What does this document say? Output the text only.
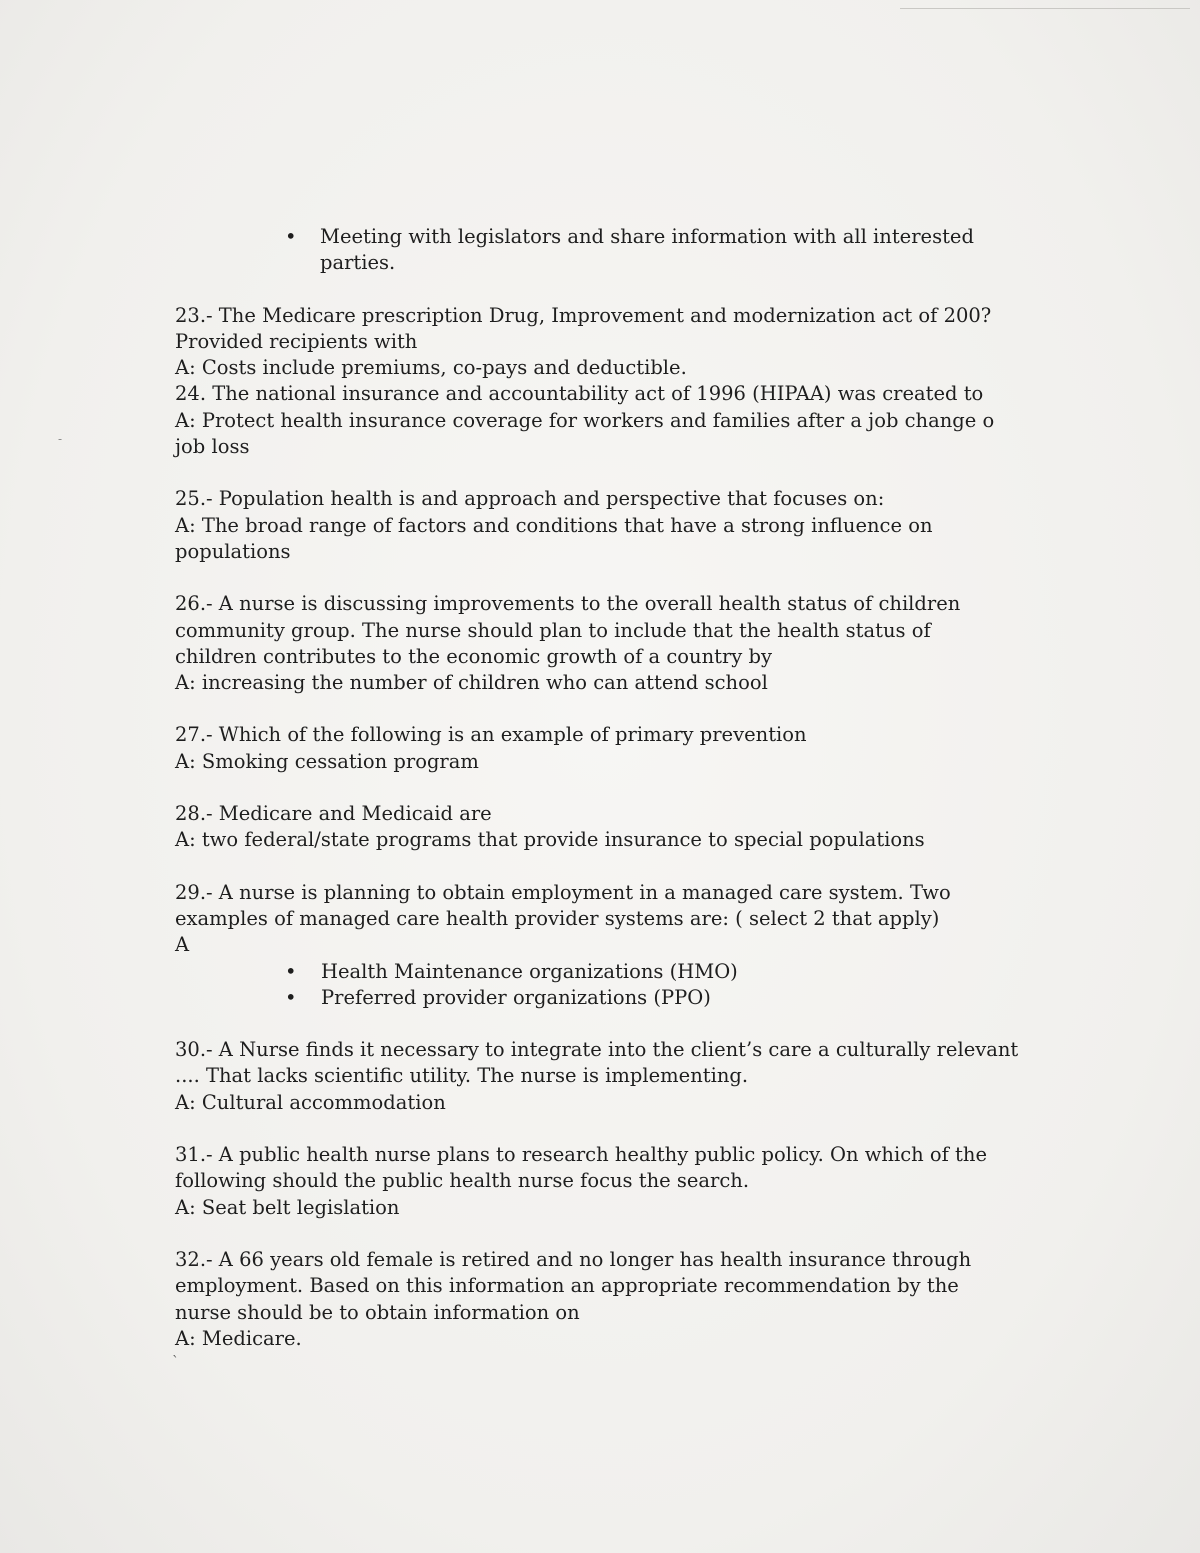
-
• Meeting with legislators and share information with all interested
parties.
23.- The Medicare prescription Drug, Improvement and modernization act of 200?
Provided recipients with
A: Costs include premiums, co-pays and deductible.
24. The national insurance and accountability act of 1996 (HIPAA) was created to
A: Protect health insurance coverage for workers and families after a job change o
job loss
25.- Population health is and approach and perspective that focuses on:
A: The broad range of factors and conditions that have a strong influence on
populations
26.- A nurse is discussing improvements to the overall health status of children
community group. The nurse should plan to include that the health status of
children contributes to the economic growth of a country by
A: increasing the number of children who can attend school
27.- Which of the following is an example of primary prevention
A: Smoking cessation program
28.- Medicare and Medicaid are
A: two federal/state programs that provide insurance to special populations
29.- A nurse is planning to obtain employment in a managed care system. Two
examples of managed care health provider systems are: ( select 2 that apply)
A
• Health Maintenance organizations (HMO)
• Preferred provider organizations (PPO)
30.- A Nurse finds it necessary to integrate into the client’s care a culturally relevant
.... That lacks scientific utility. The nurse is implementing.
A: Cultural accommodation
31.- A public health nurse plans to research healthy public policy. On which of the
following should the public health nurse focus the search.
A: Seat belt legislation
32.- A 66 years old female is retired and no longer has health insurance through
employment. Based on this information an appropriate recommendation by the
nurse should be to obtain information on
A: Medicare.
`
